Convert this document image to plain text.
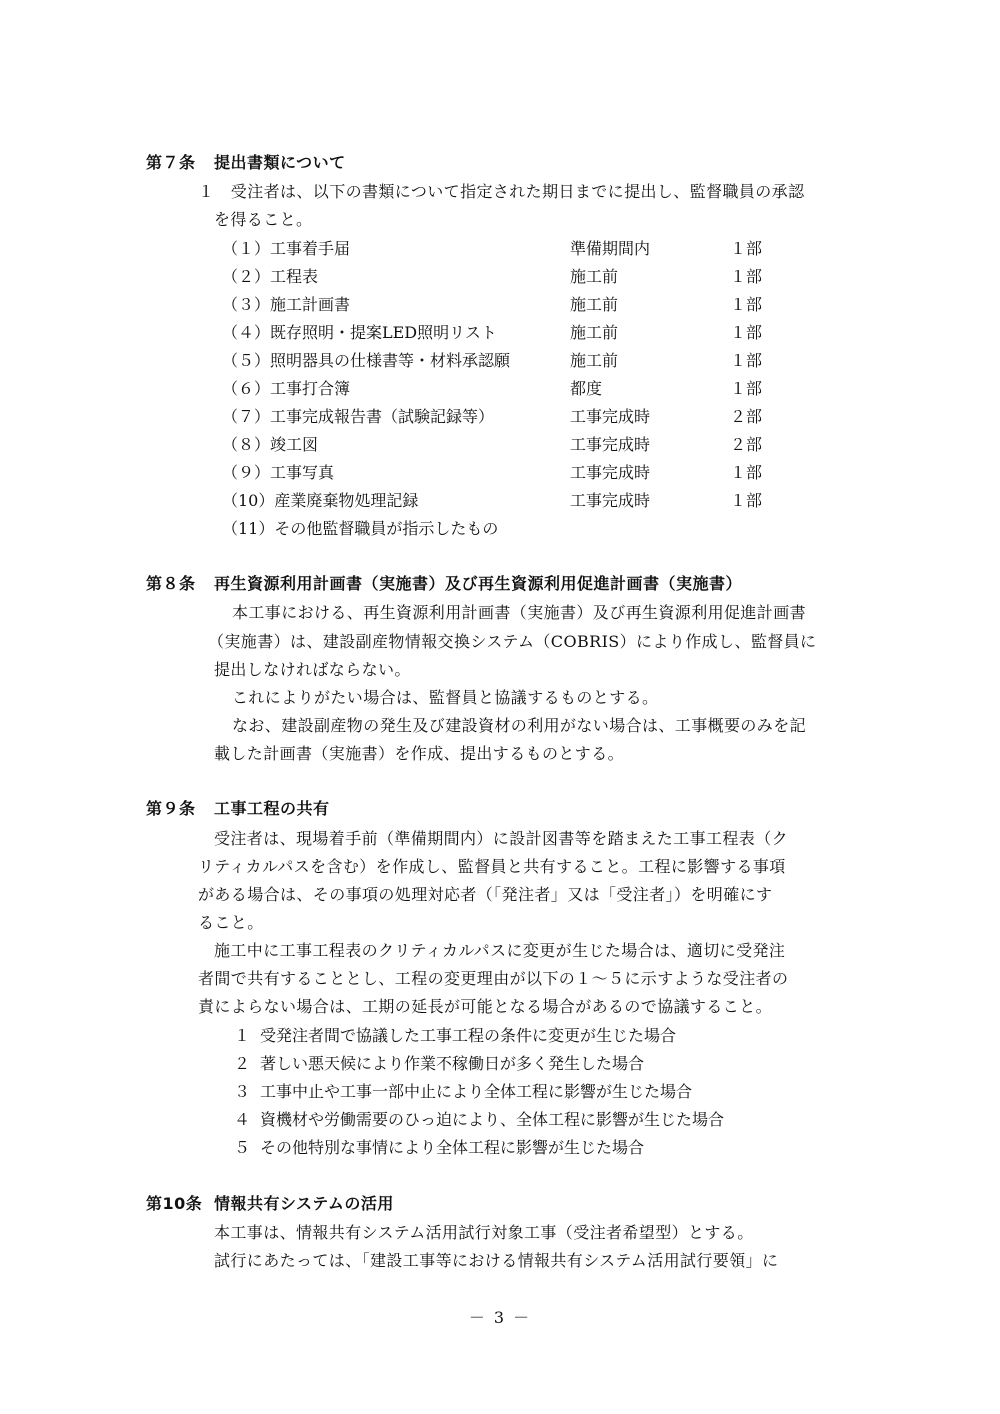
第７条 提出書類について
１　受注者は、以下の書類について指定された期日までに提出し、監督職員の承認
を得ること。
（１）工事着手届	準備期間内	１部
（２）工程表	施工前	１部
（３）施工計画書	施工前	１部
（４）既存照明・提案LED照明リスト	施工前	１部
（５）照明器具の仕様書等・材料承認願	施工前	１部
（６）工事打合簿	都度	１部
（７）工事完成報告書（試験記録等）	工事完成時	２部
（８）竣工図	工事完成時	２部
（９）工事写真	工事完成時	１部
（10）産業廃棄物処理記録	工事完成時	１部
（11）その他監督職員が指示したもの
第８条 再生資源利用計画書（実施書）及び再生資源利用促進計画書（実施書）
本工事における、再生資源利用計画書（実施書）及び再生資源利用促進計画書
（実施書）は、建設副産物情報交換システム（COBRIS）により作成し、監督員に
提出しなければならない。
これによりがたい場合は、監督員と協議するものとする。
なお、建設副産物の発生及び建設資材の利用がない場合は、工事概要のみを記
載した計画書（実施書）を作成、提出するものとする。
第９条 工事工程の共有
受注者は、現場着手前（準備期間内）に設計図書等を踏まえた工事工程表（ク
リティカルパスを含む）を作成し、監督員と共有すること。工程に影響する事項
がある場合は、その事項の処理対応者（「発注者」又は「受注者」）を明確にす
ること。
施工中に工事工程表のクリティカルパスに変更が生じた場合は、適切に受発注
者間で共有することとし、工程の変更理由が以下の１～５に示すような受注者の
責によらない場合は、工期の延長が可能となる場合があるので協議すること。
１ 受発注者間で協議した工事工程の条件に変更が生じた場合
２ 著しい悪天候により作業不稼働日が多く発生した場合
３ 工事中止や工事一部中止により全体工程に影響が生じた場合
４ 資機材や労働需要のひっ迫により、全体工程に影響が生じた場合
５ その他特別な事情により全体工程に影響が生じた場合
第10条 情報共有システムの活用
本工事は、情報共有システム活用試行対象工事（受注者希望型）とする。
試行にあたっては、「建設工事等における情報共有システム活用試行要領」に
－ 3 －
